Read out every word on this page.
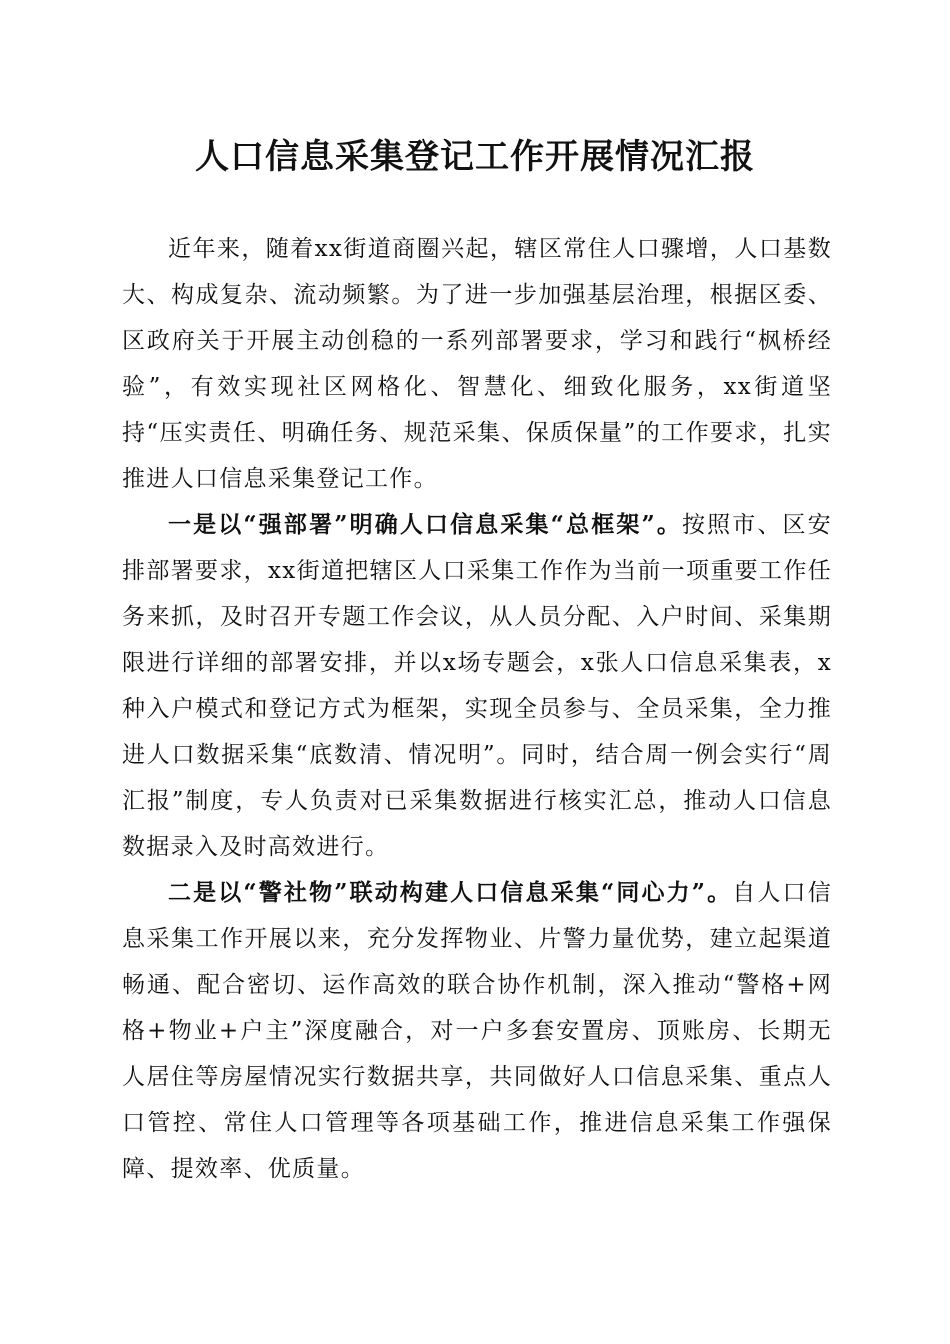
人口信息采集登记工作开展情况汇报

近年来，随着xx街道商圈兴起，辖区常住人口骤增，人口基数大、构成复杂、流动频繁。为了进一步加强基层治理，根据区委、区政府关于开展主动创稳的一系列部署要求，学习和践行“枫桥经验”，有效实现社区网格化、智慧化、细致化服务，xx街道坚持“压实责任、明确任务、规范采集、保质保量”的工作要求，扎实推进人口信息采集登记工作。

一是以“强部署”明确人口信息采集“总框架”。按照市、区安排部署要求，xx街道把辖区人口采集工作作为当前一项重要工作任务来抓，及时召开专题工作会议，从人员分配、入户时间、采集期限进行详细的部署安排，并以x场专题会，x张人口信息采集表，x种入户模式和登记方式为框架，实现全员参与、全员采集，全力推进人口数据采集“底数清、情况明”。同时，结合周一例会实行“周汇报”制度，专人负责对已采集数据进行核实汇总，推动人口信息数据录入及时高效进行。

二是以“警社物”联动构建人口信息采集“同心力”。自人口信息采集工作开展以来，充分发挥物业、片警力量优势，建立起渠道畅通、配合密切、运作高效的联合协作机制，深入推动“警格+网格+物业+户主”深度融合，对一户多套安置房、顶账房、长期无人居住等房屋情况实行数据共享，共同做好人口信息采集、重点人口管控、常住人口管理等各项基础工作，推进信息采集工作强保障、提效率、优质量。
